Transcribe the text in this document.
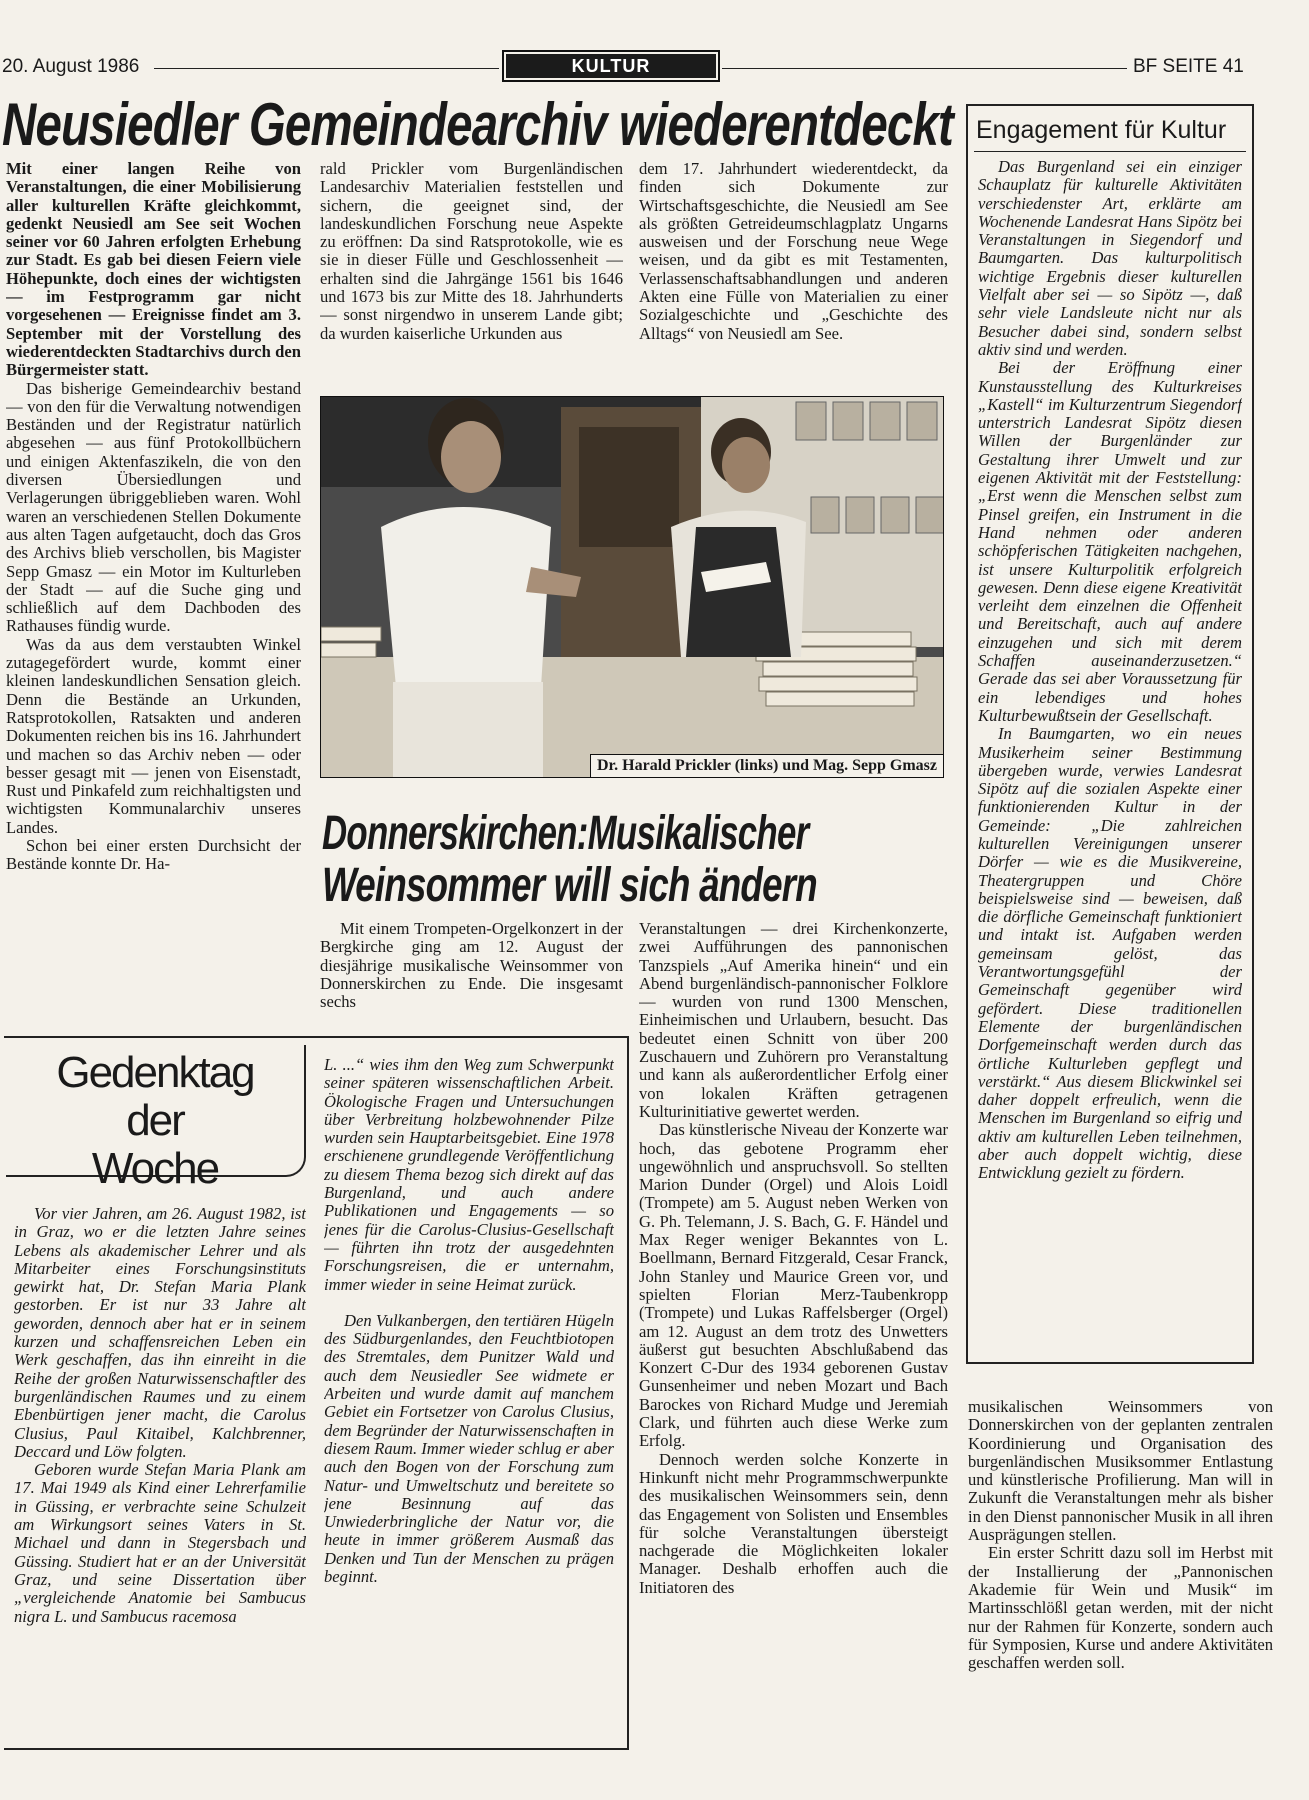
20. August 1986	KULTUR	BF SEITE 41
Neusiedler Gemeindearchiv wiederentdeckt

Mit einer langen Reihe von Veranstaltungen, die einer Mobilisierung aller kulturellen Kräfte gleichkommt, gedenkt Neusiedl am See seit Wochen seiner vor 60 Jahren erfolgten Erhebung zur Stadt. Es gab bei diesen Feiern viele Höhepunkte, doch eines der wichtigsten — im Festprogramm gar nicht vorgesehenen — Ereignisse findet am 3. September mit der Vorstellung des wiederentdeckten Stadtarchivs durch den Bürgermeister statt.

Das bisherige Gemeindearchiv bestand — von den für die Verwaltung notwendigen Beständen und der Registratur natürlich abgesehen — aus fünf Protokollbüchern und einigen Aktenfaszikeln, die von den diversen Übersiedlungen und Verlagerungen übriggeblieben waren. Wohl waren an verschiedenen Stellen Dokumente aus alten Tagen aufgetaucht, doch das Gros des Archivs blieb verschollen, bis Magister Sepp Gmasz — ein Motor im Kulturleben der Stadt — auf die Suche ging und schließlich auf dem Dachboden des Rathauses fündig wurde.

Was da aus dem verstaubten Winkel zutagegefördert wurde, kommt einer kleinen landeskundlichen Sensation gleich. Denn die Bestände an Urkunden, Ratsprotokollen, Ratsakten und anderen Dokumenten reichen bis ins 16. Jahrhundert und machen so das Archiv neben — oder besser gesagt mit — jenen von Eisenstadt, Rust und Pinkafeld zum reichhaltigsten und wichtigsten Kommunalarchiv unseres Landes.

Schon bei einer ersten Durchsicht der Bestände konnte Dr. Ha-

rald Prickler vom Burgenländischen Landesarchiv Materialien feststellen und sichern, die geeignet sind, der landeskundlichen Forschung neue Aspekte zu eröffnen: Da sind Ratsprotokolle, wie es sie in dieser Fülle und Geschlossenheit — erhalten sind die Jahrgänge 1561 bis 1646 und 1673 bis zur Mitte des 18. Jahrhunderts — sonst nirgendwo in unserem Lande gibt; da wurden kaiserliche Urkunden aus

dem 17. Jahrhundert wiederentdeckt, da finden sich Dokumente zur Wirtschaftsgeschichte, die Neusiedl am See als größten Getreideumschlagplatz Ungarns ausweisen und der Forschung neue Wege weisen, und da gibt es mit Testamenten, Verlassenschaftsabhandlungen und anderen Akten eine Fülle von Materialien zu einer Sozialgeschichte und „Geschichte des Alltags“ von Neusiedl am See.

Dr. Harald Prickler (links) und Mag. Sepp Gmasz
Donnerskirchen:Musikalischer
Weinsommer will sich ändern

Mit einem Trompeten-Orgelkonzert in der Bergkirche ging am 12. August der diesjährige musikalische Weinsommer von Donnerskirchen zu Ende. Die insgesamt sechs

Veranstaltungen — drei Kirchenkonzerte, zwei Aufführungen des pannonischen Tanzspiels „Auf Amerika hinein“ und ein Abend burgenländisch-pannonischer Folklore — wurden von rund 1300 Menschen, Einheimischen und Urlaubern, besucht. Das bedeutet einen Schnitt von über 200 Zuschauern und Zuhörern pro Veranstaltung und kann als außerordentlicher Erfolg einer von lokalen Kräften getragenen Kulturinitiative gewertet werden.

Das künstlerische Niveau der Konzerte war hoch, das gebotene Programm eher ungewöhnlich und anspruchsvoll. So stellten Marion Dunder (Orgel) und Alois Loidl (Trompete) am 5. August neben Werken von G. Ph. Telemann, J. S. Bach, G. F. Händel und Max Reger weniger Bekanntes von L. Boellmann, Bernard Fitzgerald, Cesar Franck, John Stanley und Maurice Green vor, und spielten Florian Merz-Taubenkropp (Trompete) und Lukas Raffelsberger (Orgel) am 12. August an dem trotz des Unwetters äußerst gut besuchten Abschlußabend das Konzert C-Dur des 1934 geborenen Gustav Gunsenheimer und neben Mozart und Bach Barockes von Richard Mudge und Jeremiah Clark, und führten auch diese Werke zum Erfolg.

Dennoch werden solche Konzerte in Hinkunft nicht mehr Programmschwerpunkte des musikalischen Weinsommers sein, denn das Engagement von Solisten und Ensembles für solche Veranstaltungen übersteigt nachgerade die Möglichkeiten lokaler Manager. Deshalb erhoffen auch die Initiatoren des

musikalischen Weinsommers von Donnerskirchen von der geplanten zentralen Koordinierung und Organisation des burgenländischen Musiksommer Entlastung und künstlerische Profilierung. Man will in Zukunft die Veranstaltungen mehr als bisher in den Dienst pannonischer Musik in all ihren Ausprägungen stellen.

Ein erster Schritt dazu soll im Herbst mit der Installierung der „Pannonischen Akademie für Wein und Musik“ im Martinsschlößl getan werden, mit der nicht nur der Rahmen für Konzerte, sondern auch für Symposien, Kurse und andere Aktivitäten geschaffen werden soll.

Gedenktag
der
Woche

Vor vier Jahren, am 26. August 1982, ist in Graz, wo er die letzten Jahre seines Lebens als akademischer Lehrer und als Mitarbeiter eines Forschungsinstituts gewirkt hat, Dr. Stefan Maria Plank gestorben. Er ist nur 33 Jahre alt geworden, dennoch aber hat er in seinem kurzen und schaffensreichen Leben ein Werk geschaffen, das ihn einreiht in die Reihe der großen Naturwissenschaftler des burgenländischen Raumes und zu einem Ebenbürtigen jener macht, die Carolus Clusius, Paul Kitaibel, Kalchbrenner, Deccard und Löw folgten.

Geboren wurde Stefan Maria Plank am 17. Mai 1949 als Kind einer Lehrerfamilie in Güssing, er verbrachte seine Schulzeit am Wirkungsort seines Vaters in St. Michael und dann in Stegersbach und Güssing. Studiert hat er an der Universität Graz, und seine Dissertation über „vergleichende Anatomie bei Sambucus nigra L. und Sambucus racemosa

L. ...“ wies ihm den Weg zum Schwerpunkt seiner späteren wissenschaftlichen Arbeit. Ökologische Fragen und Untersuchungen über Verbreitung holzbewohnender Pilze wurden sein Hauptarbeitsgebiet. Eine 1978 erschienene grundlegende Veröffentlichung zu diesem Thema bezog sich direkt auf das Burgenland, und auch andere Publikationen und Engagements — so jenes für die Carolus-Clusius-Gesellschaft — führten ihn trotz der ausgedehnten Forschungsreisen, die er unternahm, immer wieder in seine Heimat zurück.

Den Vulkanbergen, den tertiären Hügeln des Südburgenlandes, den Feuchtbiotopen des Stremtales, dem Punitzer Wald und auch dem Neusiedler See widmete er Arbeiten und wurde damit auf manchem Gebiet ein Fortsetzer von Carolus Clusius, dem Begründer der Naturwissenschaften in diesem Raum. Immer wieder schlug er aber auch den Bogen von der Forschung zum Natur- und Umweltschutz und bereitete so jene Besinnung auf das Unwiederbringliche der Natur vor, die heute in immer größerem Ausmaß das Denken und Tun der Menschen zu prägen beginnt.

Engagement für Kultur

Das Burgenland sei ein einziger Schauplatz für kulturelle Aktivitäten verschiedenster Art, erklärte am Wochenende Landesrat Hans Sipötz bei Veranstaltungen in Siegendorf und Baumgarten. Das kulturpolitisch wichtige Ergebnis dieser kulturellen Vielfalt aber sei — so Sipötz —, daß sehr viele Landsleute nicht nur als Besucher dabei sind, sondern selbst aktiv sind und werden.

Bei der Eröffnung einer Kunstausstellung des Kulturkreises „Kastell“ im Kulturzentrum Siegendorf unterstrich Landesrat Sipötz diesen Willen der Burgenländer zur Gestaltung ihrer Umwelt und zur eigenen Aktivität mit der Feststellung: „Erst wenn die Menschen selbst zum Pinsel greifen, ein Instrument in die Hand nehmen oder anderen schöpferischen Tätigkeiten nachgehen, ist unsere Kulturpolitik erfolgreich gewesen. Denn diese eigene Kreativität verleiht dem einzelnen die Offenheit und Bereitschaft, auch auf andere einzugehen und sich mit derem Schaffen auseinanderzusetzen.“ Gerade das sei aber Voraussetzung für ein lebendiges und hohes Kulturbewußtsein der Gesellschaft.

In Baumgarten, wo ein neues Musikerheim seiner Bestimmung übergeben wurde, verwies Landesrat Sipötz auf die sozialen Aspekte einer funktionierenden Kultur in der Gemeinde: „Die zahlreichen kulturellen Vereinigungen unserer Dörfer — wie es die Musikvereine, Theatergruppen und Chöre beispielsweise sind — beweisen, daß die dörfliche Gemeinschaft funktioniert und intakt ist. Aufgaben werden gemeinsam gelöst, das Verantwortungsgefühl der Gemeinschaft gegenüber wird gefördert. Diese traditionellen Elemente der burgenländischen Dorfgemeinschaft werden durch das örtliche Kulturleben gepflegt und verstärkt.“ Aus diesem Blickwinkel sei daher doppelt erfreulich, wenn die Menschen im Burgenland so eifrig und aktiv am kulturellen Leben teilnehmen, aber auch doppelt wichtig, diese Entwicklung gezielt zu fördern.
